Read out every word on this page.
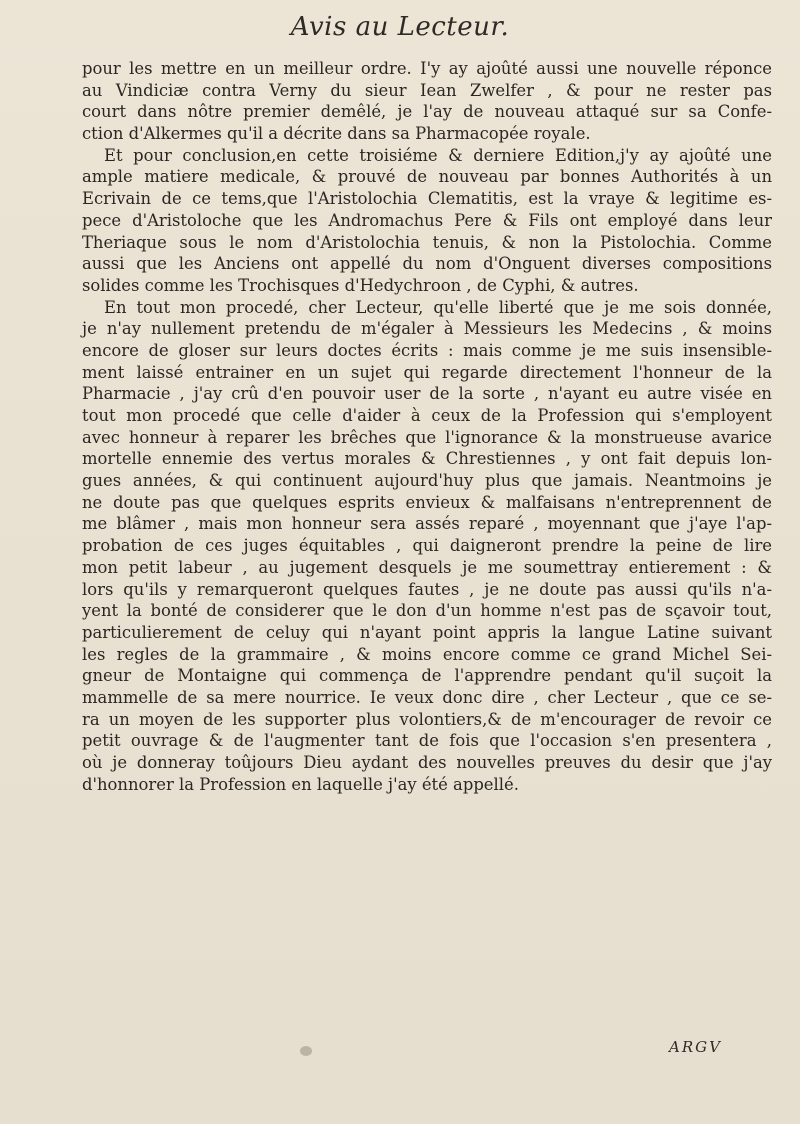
Avis au Lecteur.
pour les mettre en un meilleur ordre. I'y ay ajoûté aussi une nouvelle réponce
au Vindiciæ contra Verny du sieur Iean Zwelfer , & pour ne rester pas
court dans nôtre premier demêlé, je l'ay de nouveau attaqué sur sa Confe-
ction d'Alkermes qu'il a décrite dans sa Pharmacopée royale.
Et pour conclusion,en cette troisiéme & derniere Edition,j'y ay ajoûté une
ample matiere medicale, & prouvé de nouveau par bonnes Authorités à un
Ecrivain de ce tems,que l'Aristolochia Clematitis, est la vraye & legitime es-
pece d'Aristoloche que les Andromachus Pere & Fils ont employé dans leur
Theriaque sous le nom d'Aristolochia tenuis, & non la Pistolochia. Comme
aussi que les Anciens ont appellé du nom d'Onguent diverses compositions
solides comme les Trochisques d'Hedychroon , de Cyphi, & autres.
En tout mon procedé, cher Lecteur, qu'elle liberté que je me sois donnée,
je n'ay nullement pretendu de m'égaler à Messieurs les Medecins , & moins
encore de gloser sur leurs doctes écrits : mais comme je me suis insensible-
ment laissé entrainer en un sujet qui regarde directement l'honneur de la
Pharmacie , j'ay crû d'en pouvoir user de la sorte , n'ayant eu autre visée en
tout mon procedé que celle d'aider à ceux de la Profession qui s'employent
avec honneur à reparer les brêches que l'ignorance & la monstrueuse avarice
mortelle ennemie des vertus morales & Chrestiennes , y ont fait depuis lon-
gues années, & qui continuent aujourd'huy plus que jamais. Neantmoins je
ne doute pas que quelques esprits envieux & malfaisans n'entreprennent de
me blâmer , mais mon honneur sera assés reparé , moyennant que j'aye l'ap-
probation de ces juges équitables , qui daigneront prendre la peine de lire
mon petit labeur , au jugement desquels je me soumettray entierement : &
lors qu'ils y remarqueront quelques fautes , je ne doute pas aussi qu'ils n'a-
yent la bonté de considerer que le don d'un homme n'est pas de sçavoir tout,
particulierement de celuy qui n'ayant point appris la langue Latine suivant
les regles de la grammaire , & moins encore comme ce grand Michel Sei-
gneur de Montaigne qui commença de l'apprendre pendant qu'il suçoit la
mammelle de sa mere nourrice. Ie veux donc dire , cher Lecteur , que ce se-
ra un moyen de les supporter plus volontiers,& de m'encourager de revoir ce
petit ouvrage & de l'augmenter tant de fois que l'occasion s'en presentera ,
où je donneray toûjours Dieu aydant des nouvelles preuves du desir que j'ay
d'honnorer la Profession en laquelle j'ay été appellé.
ARGV
